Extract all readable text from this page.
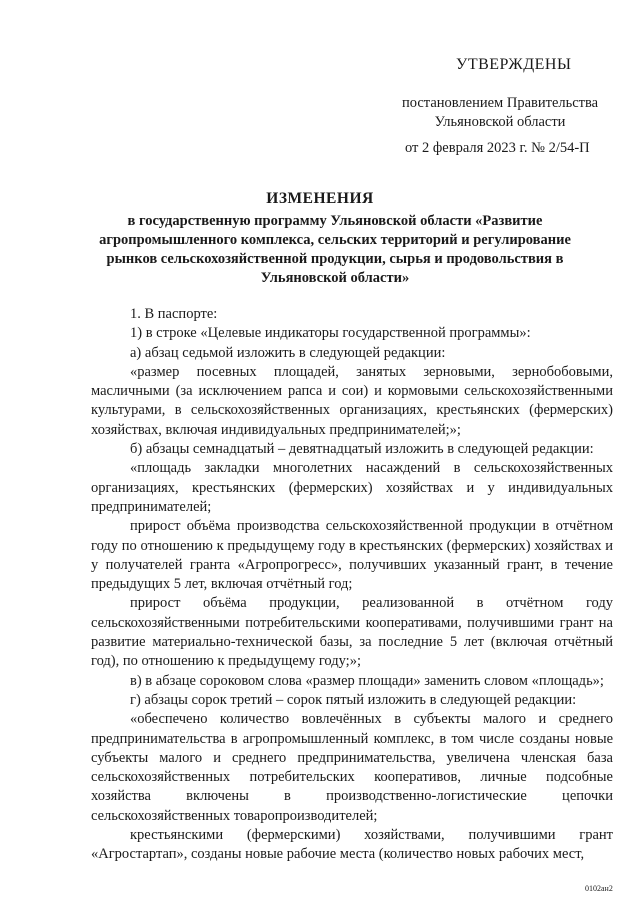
УТВЕРЖДЕНЫ
постановлением Правительства
Ульяновской области
от 2 февраля 2023 г. № 2/54-П
ИЗМЕНЕНИЯ
в государственную программу Ульяновской области «Развитие агропромышленного комплекса, сельских территорий и регулирование рынков сельскохозяйственной продукции, сырья и продовольствия в Ульяновской области»

1. В паспорте:

1) в строке «Целевые индикаторы государственной программы»:

а) абзац седьмой изложить в следующей редакции:

«размер посевных площадей, занятых зерновыми, зернобобовыми, масличными (за исключением рапса и сои) и кормовыми сельскохозяйственными культурами, в сельскохозяйственных организациях, крестьянских (фермерских) хозяйствах, включая индивидуальных предпринимателей;»;

б) абзацы семнадцатый – девятнадцатый изложить в следующей редакции:

«площадь закладки многолетних насаждений в сельскохозяйственных организациях, крестьянских (фермерских) хозяйствах и у индивидуальных предпринимателей;

прирост объёма производства сельскохозяйственной продукции в отчётном году по отношению к предыдущему году в крестьянских (фермерских) хозяйствах и у получателей гранта «Агропрогресс», получивших указанный грант, в течение предыдущих 5 лет, включая отчётный год;

прирост объёма продукции, реализованной в отчётном году сельскохозяйственными потребительскими кооперативами, получившими грант на развитие материально-технической базы, за последние 5 лет (включая отчётный год), по отношению к предыдущему году;»;

в) в абзаце сороковом слова «размер площади» заменить словом «площадь»;

г) абзацы сорок третий – сорок пятый изложить в следующей редакции:

«обеспечено количество вовлечённых в субъекты малого и среднего предпринимательства в агропромышленный комплекс, в том числе созданы новые субъекты малого и среднего предпринимательства, увеличена членская база сельскохозяйственных потребительских кооперативов, личные подсобные хозяйства включены в производственно-логистические цепочки сельскохозяйственных товаропроизводителей;

крестьянскими (фермерскими) хозяйствами, получившими грант «Агростартап», созданы новые рабочие места (количество новых рабочих мест,

0102ан2
